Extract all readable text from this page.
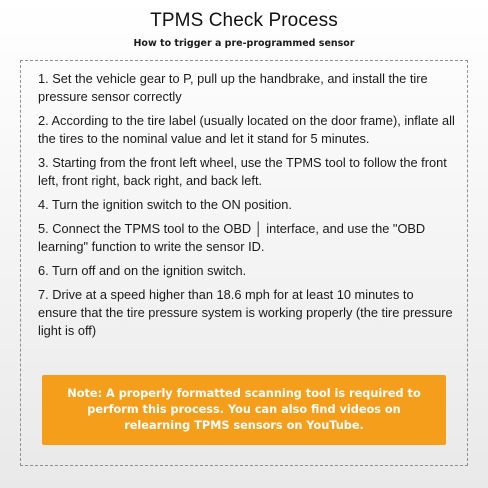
TPMS Check Process
How to trigger a pre-programmed sensor
1. Set the vehicle gear to P, pull up the handbrake, and install the tire pressure sensor correctly
2. According to the tire label (usually located on the door frame), inflate all the tires to the nominal value and let it stand for 5 minutes.
3. Starting from the front left wheel, use the TPMS tool to follow the front left, front right, back right, and back left.
4. Turn the ignition switch to the ON position.
5. Connect the TPMS tool to the OBD │ interface, and use the "OBD learning" function to write the sensor ID.
6. Turn off and on the ignition switch.
7. Drive at a speed higher than 18.6 mph for at least 10 minutes to ensure that the tire pressure system is working properly (the tire pressure light is off)
Note: A properly formatted scanning tool is required to perform this process. You can also find videos on relearning TPMS sensors on YouTube.
